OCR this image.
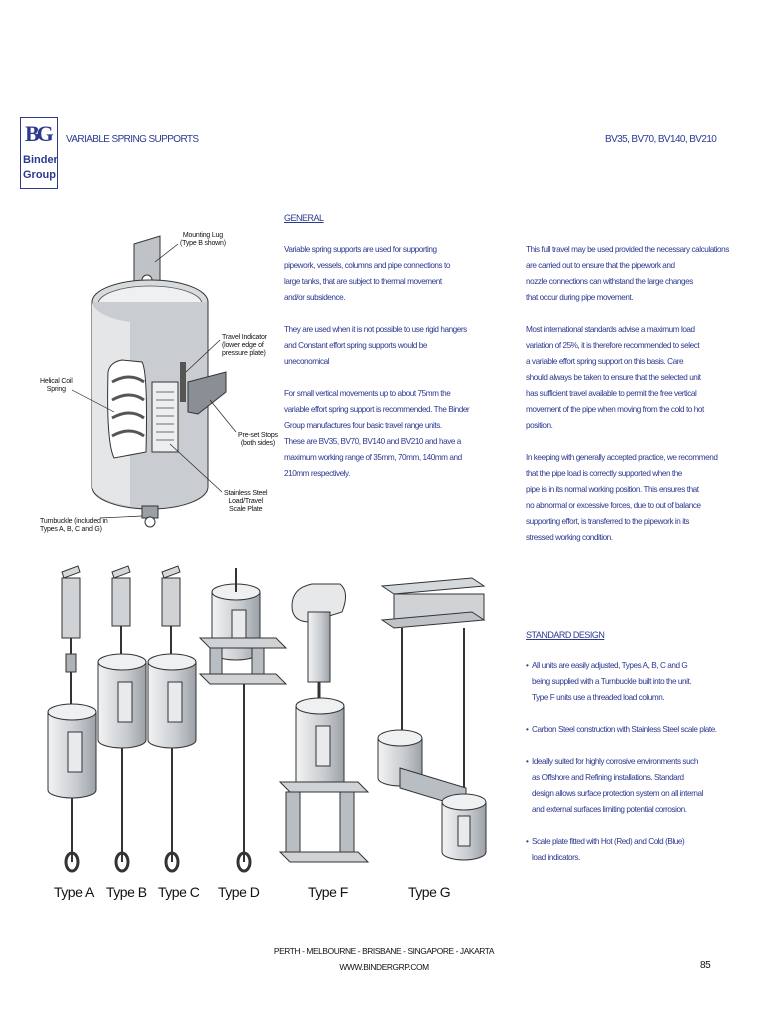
BG
Binder
Group
VARIABLE SPRING SUPPORTS	BV35, BV70, BV140, BV210
Mounting Lug
(Type B shown)
Travel Indicator
(lower edge of
pressure plate)
Helical Coil
Spring
Pre-set Stops
(both sides)
Stainless Steel
Load/Travel
Scale Plate
Turnbuckle (included in
Types A, B, C and G)
GENERAL

Variable spring supports are used for supporting
pipework, vessels, columns and pipe connections to
large tanks, that are subject to thermal movement
and/or subsidence.

They are used when it is not possible to use rigid hangers
and Constant effort spring supports would be
uneconomical

For small vertical movements up to about 75mm the
variable effort spring support is recommended. The Binder
Group manufactures four basic travel range units.
These are BV35, BV70, BV140 and BV210 and have a
maximum working range of 35mm, 70mm, 140mm and
210mm respectively.

This full travel may be used provided the necessary calculations
are carried out to ensure that the pipework and
nozzle connections can withstand the large changes
that occur during pipe movement.

Most international standards advise a maximum load
variation of 25%, it is therefore recommended to select
a variable effort spring support on this basis. Care
should always be taken to ensure that the selected unit
has sufficient travel available to permit the free vertical
movement of the pipe when moving from the cold to hot
position.

In keeping with generally accepted practice, we recommend
that the pipe load is correctly supported when the
pipe is in its normal working position. This ensures that
no abnormal or excessive forces, due to out of balance
supporting effort, is transferred to the pipework in its
stressed working condition.

Type A Type B Type C Type D	Type F	Type G
STANDARD DESIGN
• All units are easily adjusted, Types A, B, C and G
being supplied with a Turnbuckle built into the unit.
Type F units use a threaded load column.
• Carbon Steel construction with Stainless Steel scale plate.
• Ideally suited for highly corrosive environments such
as Offshore and Refining installations. Standard
design allows surface protection system on all internal
and external surfaces limiting potential corrosion.
• Scale plate fitted with Hot (Red) and Cold (Blue)
load indicators.
PERTH - MELBOURNE - BRISBANE - SINGAPORE - JAKARTA
WWW.BINDERGRP.COM	85
